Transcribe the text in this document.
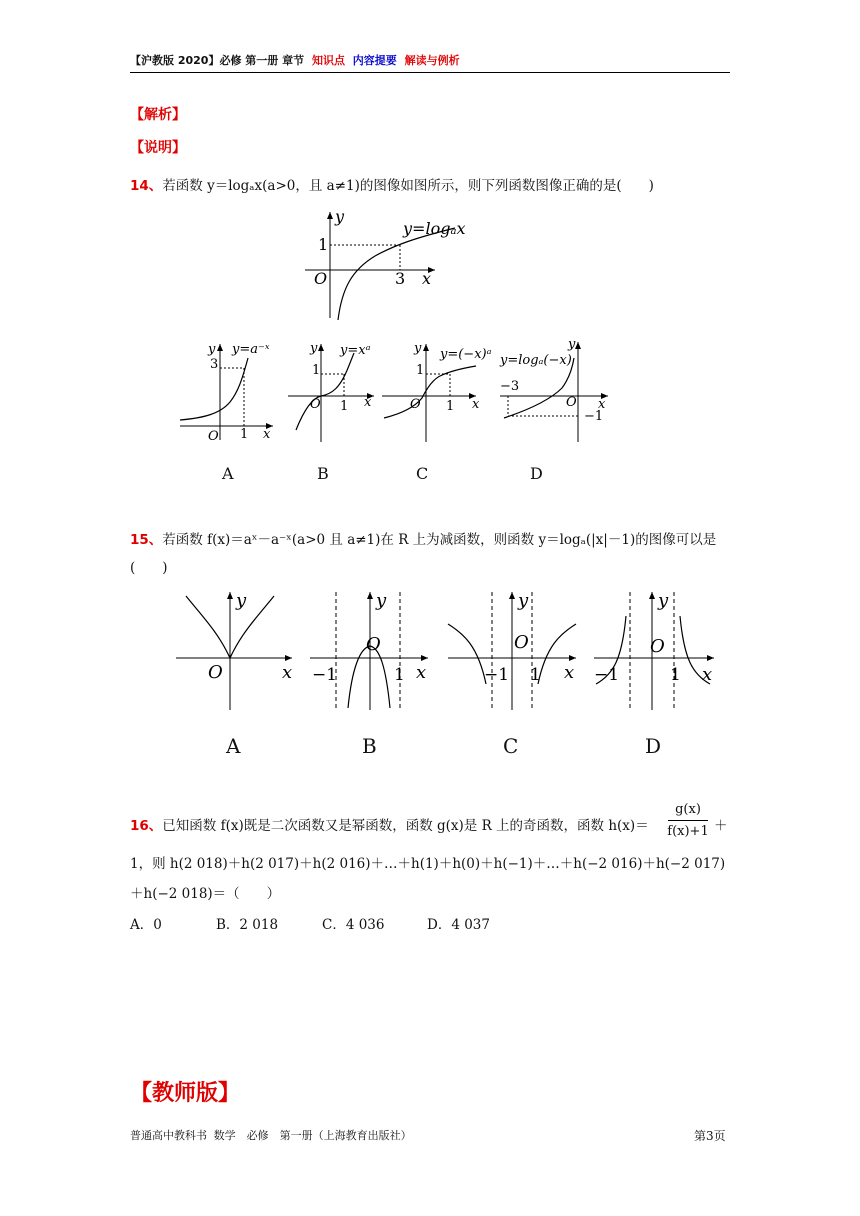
【沪教版 2020】必修 第一册 章节 知识点 内容提要 解读与例析
【解析】
【说明】
14、若函数 y＝logₐx(a>0，且 a≠1)的图像如图所示，则下列函数图像正确的是(　　)
y
1
O	3 x
y=logₐx
y
3
O 1 x
y=a⁻ˣ	y
1
O 1 x
y=xᵃ	y
1
O 1 x
y=(−x)ᵃ
y
−3
O
−1
x
y=logₐ(−x)
A	B	C	D
15、若函数 f(x)＝aˣ－a⁻ˣ(a>0 且 a≠1)在 R 上为减函数，则函数 y＝logₐ(|x|－1)的图像可以是
(　　)
y
O	x
y
O
−1	1 x
y
O
−1 1 x
y
O
−1	1 x
A	B	C	D
16、已知函数 f(x)既是二次函数又是幂函数，函数 g(x)是 R 上的奇函数，函数 h(x)＝
g(x)
f(x)+1 ＋
1，则 h(2 018)＋h(2 017)＋h(2 016)＋…＋h(1)＋h(0)＋h(−1)＋…＋h(−2 016)＋h(−2 017)
＋h(−2 018)＝（　　）
A．0	B．2 018	C．4 036	D．4 037
【教师版】
普通高中教科书 数学　必修　第一册（上海教育出版社）	第3页
